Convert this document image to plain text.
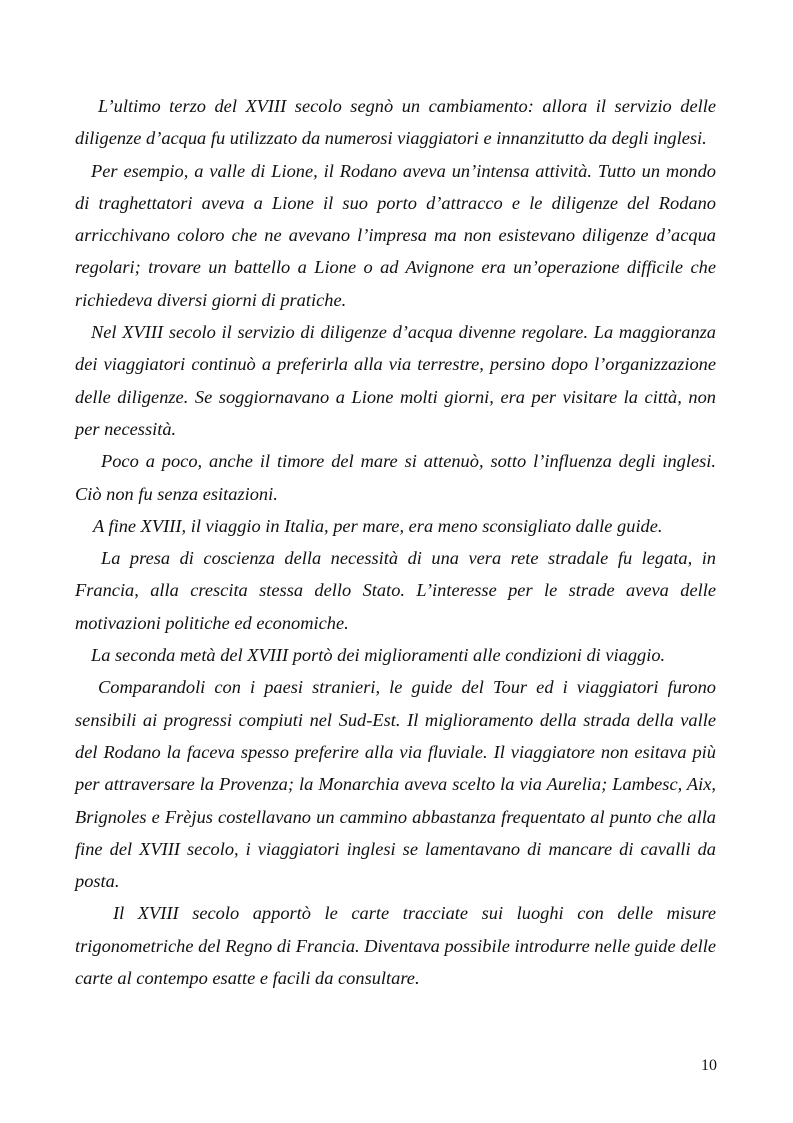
L’ultimo terzo del XVIII secolo segnò un cambiamento: allora il servizio delle diligenze d’acqua fu utilizzato da numerosi viaggiatori e innanzitutto da degli inglesi.

Per esempio, a valle di Lione, il Rodano aveva un’intensa attività. Tutto un mondo di traghettatori aveva a Lione il suo porto d’attracco e le diligenze del Rodano arricchivano coloro che ne avevano l’impresa ma non esistevano diligenze d’acqua regolari; trovare un battello a Lione o ad Avignone era un’operazione difficile che richiedeva diversi giorni di pratiche.

Nel XVIII secolo il servizio di diligenze d’acqua divenne regolare. La maggioranza dei viaggiatori continuò a preferirla alla via terrestre, persino dopo l’organizzazione delle diligenze. Se soggiornavano a Lione molti giorni, era per visitare la città, non per necessità.

Poco a poco, anche il timore del mare si attenuò, sotto l’influenza degli inglesi. Ciò non fu senza esitazioni.

A fine XVIII, il viaggio in Italia, per mare, era meno sconsigliato dalle guide.

La presa di coscienza della necessità di una vera rete stradale fu legata, in Francia, alla crescita stessa dello Stato. L’interesse per le strade aveva delle motivazioni politiche ed economiche.

La seconda metà del XVIII portò dei miglioramenti alle condizioni di viaggio.

Comparandoli con i paesi stranieri, le guide del Tour ed i viaggiatori furono sensibili ai progressi compiuti nel Sud-Est. Il miglioramento della strada della valle del Rodano la faceva spesso preferire alla via fluviale. Il viaggiatore non esitava più per attraversare la Provenza; la Monarchia aveva scelto la via Aurelia; Lambesc, Aix, Brignoles e Frèjus costellavano un cammino abbastanza frequentato al punto che alla fine del XVIII secolo, i viaggiatori inglesi se lamentavano di mancare di cavalli da posta.

Il XVIII secolo apportò le carte tracciate sui luoghi con delle misure trigonometriche del Regno di Francia. Diventava possibile introdurre nelle guide delle carte al contempo esatte e facili da consultare.

10
